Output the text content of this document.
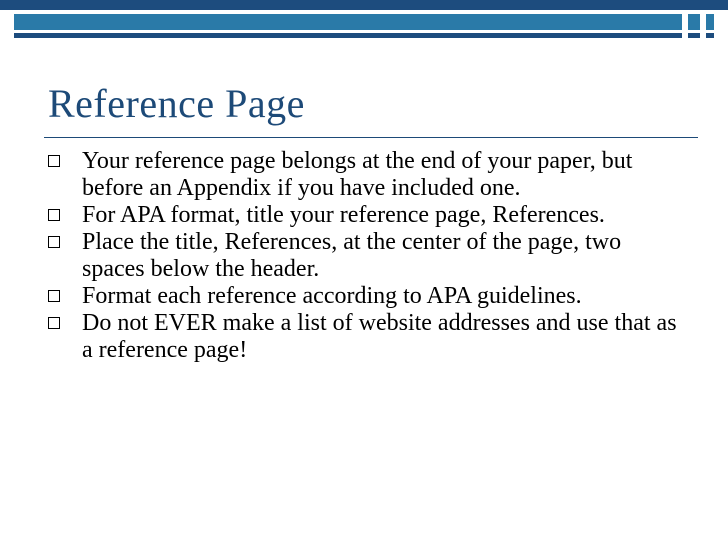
Reference Page
Your reference page belongs at the end of your paper, but before an Appendix if you have included one.
For APA format, title your reference page, References.
Place the title, References, at the center of the page, two spaces below the header.
Format each reference according to APA guidelines.
Do not EVER make a list of website addresses and use that as a reference page!
